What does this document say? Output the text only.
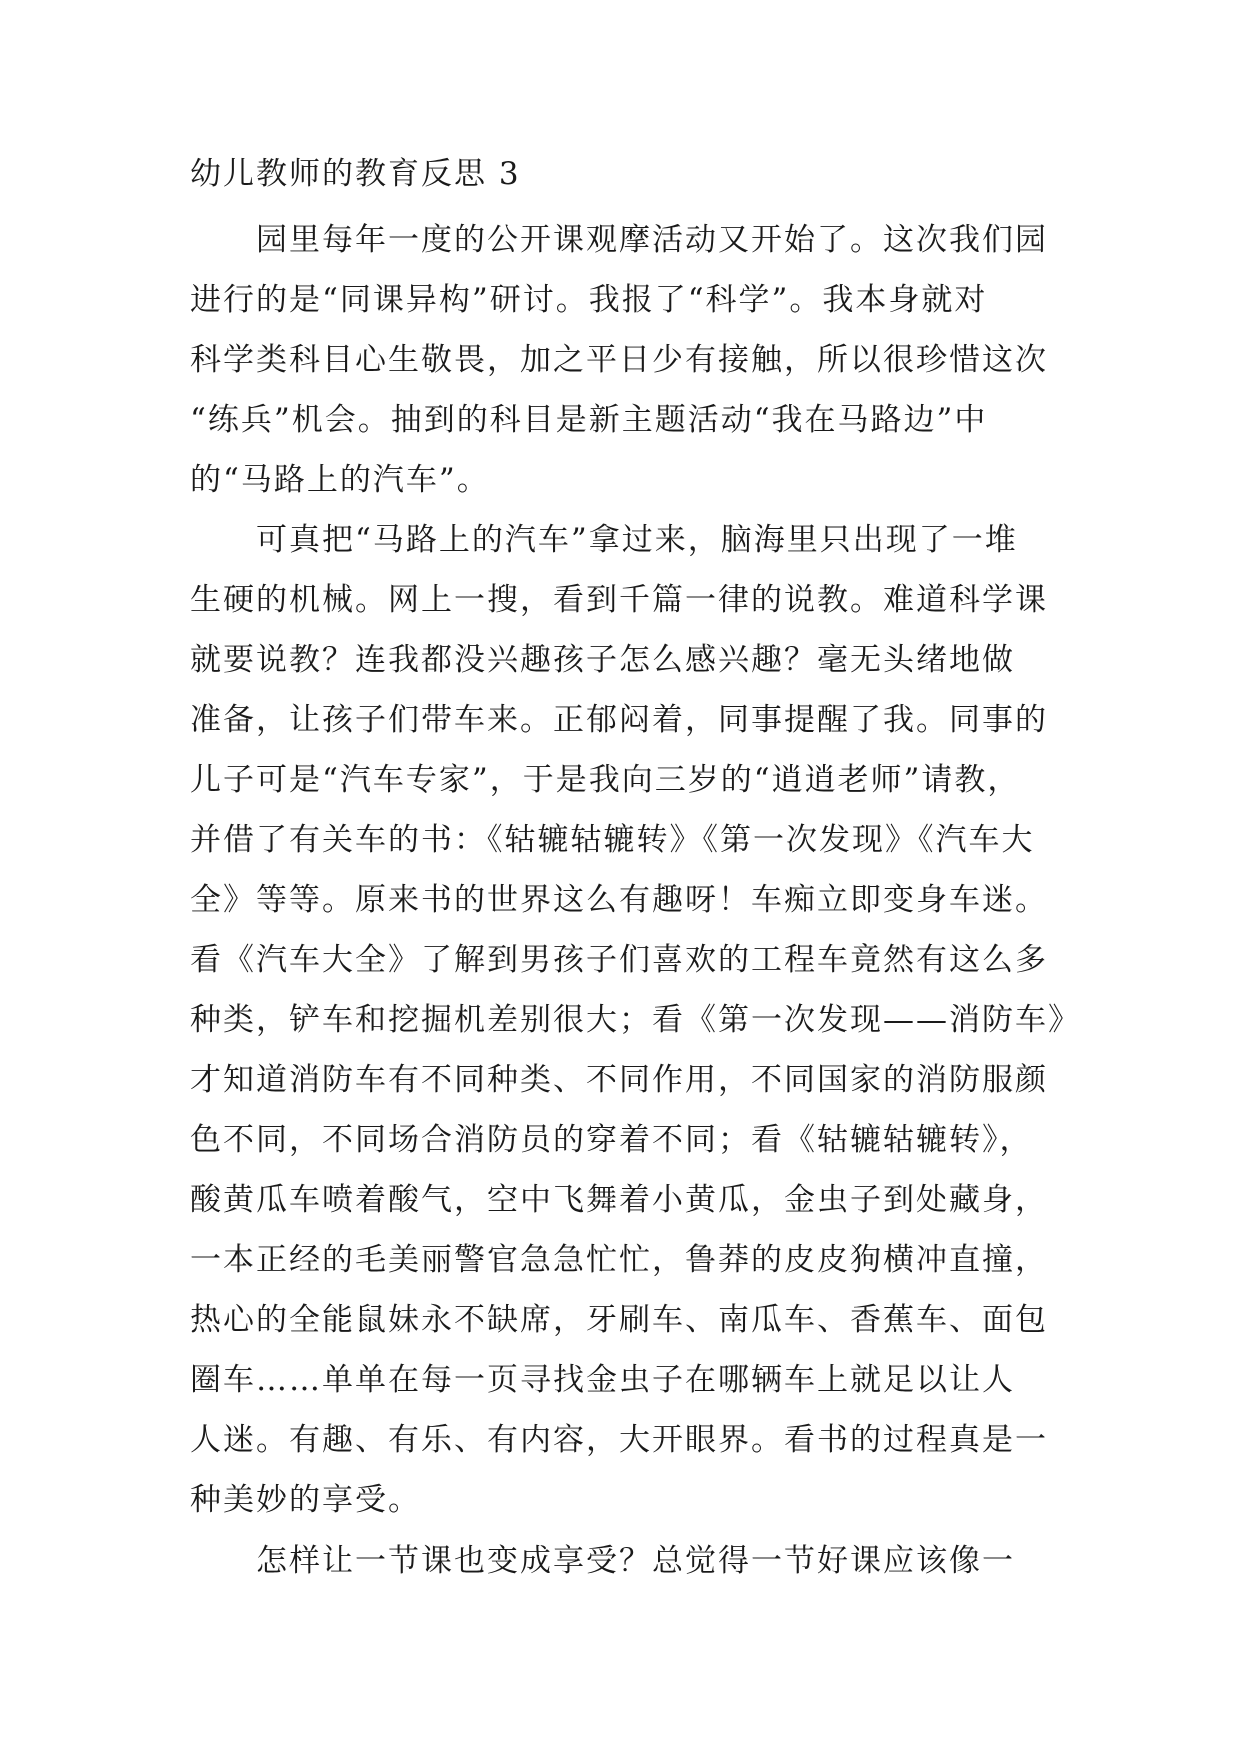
幼儿教师的教育反思 3
园里每年一度的公开课观摩活动又开始了。这次我们园
进行的是“同课异构”研讨。我报了“科学”。我本身就对
科学类科目心生敬畏，加之平日少有接触，所以很珍惜这次
“练兵”机会。抽到的科目是新主题活动“我在马路边”中
的“马路上的汽车”。
可真把“马路上的汽车”拿过来，脑海里只出现了一堆
生硬的机械。网上一搜，看到千篇一律的说教。难道科学课
就要说教？连我都没兴趣孩子怎么感兴趣？毫无头绪地做
准备，让孩子们带车来。正郁闷着，同事提醒了我。同事的
儿子可是“汽车专家”，于是我向三岁的“逍逍老师”请教，
并借了有关车的书：《轱辘轱辘转》《第一次发现》《汽车大
全》等等。原来书的世界这么有趣呀！车痴立即变身车迷。
看《汽车大全》了解到男孩子们喜欢的工程车竟然有这么多
种类，铲车和挖掘机差别很大；看《第一次发现——消防车》
才知道消防车有不同种类、不同作用，不同国家的消防服颜
色不同，不同场合消防员的穿着不同；看《轱辘轱辘转》，
酸黄瓜车喷着酸气，空中飞舞着小黄瓜，金虫子到处藏身，
一本正经的毛美丽警官急急忙忙，鲁莽的皮皮狗横冲直撞，
热心的全能鼠妹永不缺席，牙刷车、南瓜车、香蕉车、面包
圈车……单单在每一页寻找金虫子在哪辆车上就足以让人
人迷。有趣、有乐、有内容，大开眼界。看书的过程真是一
种美妙的享受。
怎样让一节课也变成享受？总觉得一节好课应该像一
